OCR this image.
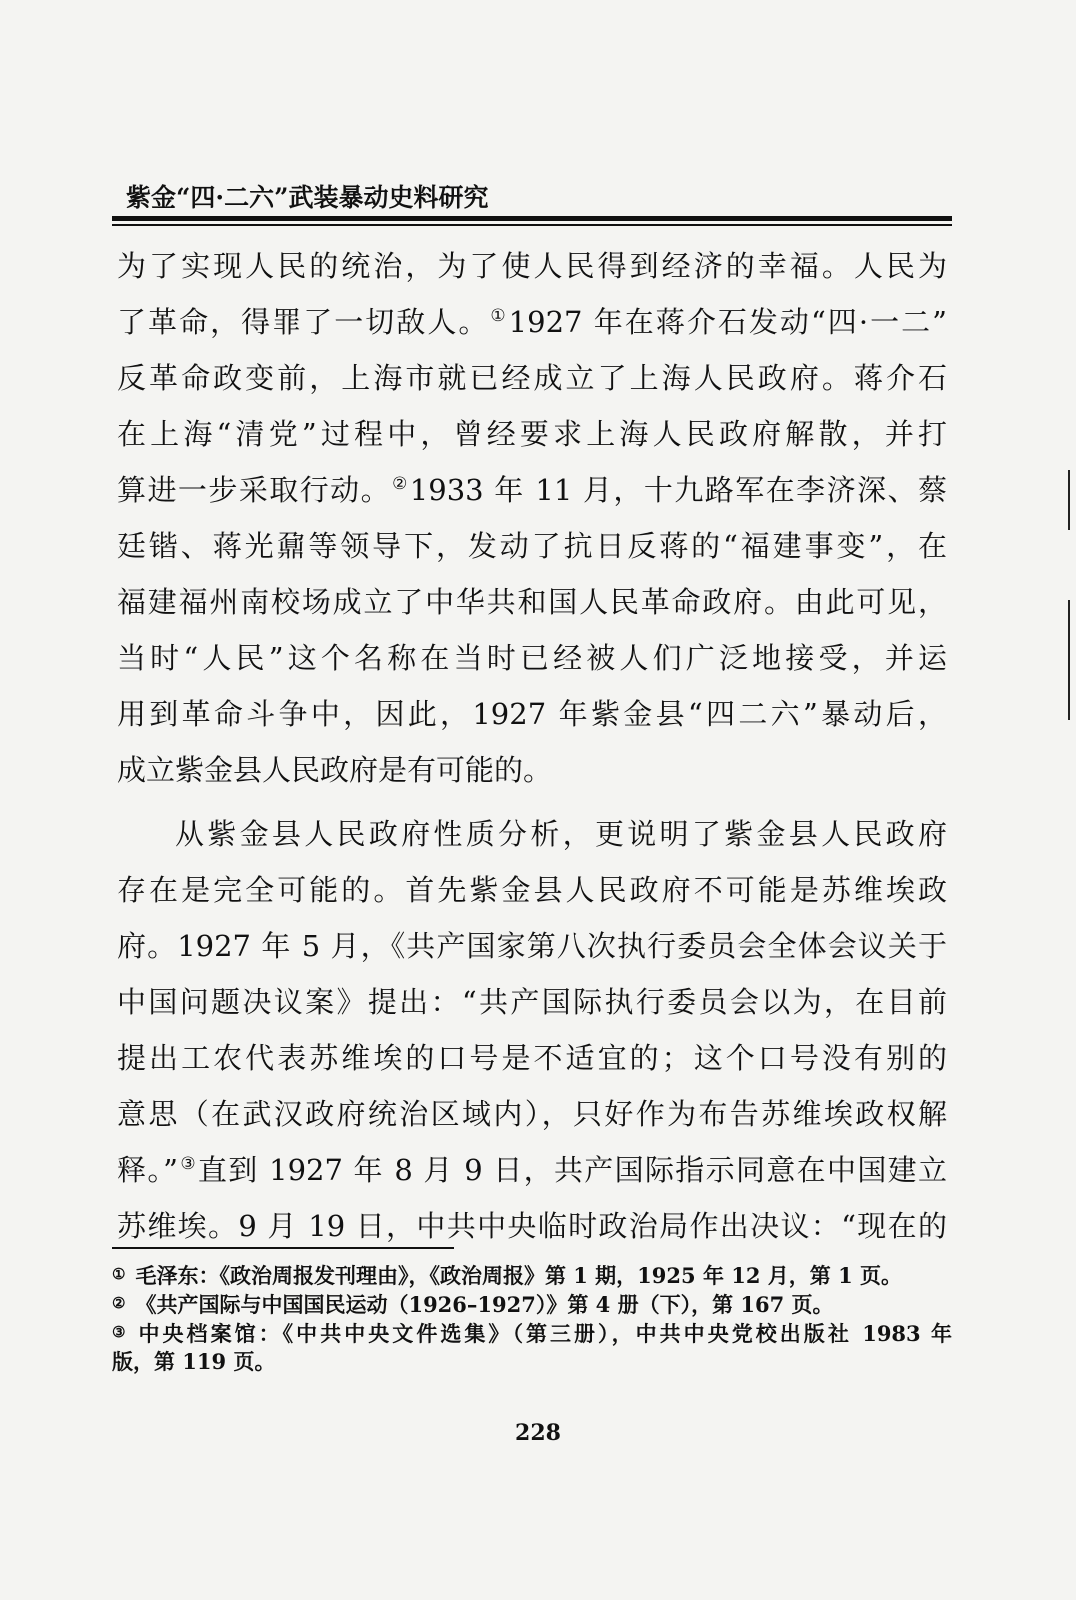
紫金“四·二六”武装暴动史料研究
为了实现人民的统治，为了使人民得到经济的幸福。人民为
了革命，得罪了一切敌人。①1927 年在蒋介石发动“四·一二”
反革命政变前，上海市就已经成立了上海人民政府。蒋介石
在上海“清党”过程中，曾经要求上海人民政府解散，并打
算进一步采取行动。②1933 年 11 月，十九路军在李济深、蔡
廷锴、蒋光鼐等领导下，发动了抗日反蒋的“福建事变”，在
福建福州南校场成立了中华共和国人民革命政府。由此可见，
当时“人民”这个名称在当时已经被人们广泛地接受，并运
用到革命斗争中，因此，1927 年紫金县“四二六”暴动后，
成立紫金县人民政府是有可能的。
从紫金县人民政府性质分析，更说明了紫金县人民政府
存在是完全可能的。首先紫金县人民政府不可能是苏维埃政
府。1927 年 5 月，《共产国家第八次执行委员会全体会议关于
中国问题决议案》提出：“共产国际执行委员会以为，在目前
提出工农代表苏维埃的口号是不适宜的；这个口号没有别的
意思（在武汉政府统治区域内），只好作为布告苏维埃政权解
释。”③直到 1927 年 8 月 9 日，共产国际指示同意在中国建立
苏维埃。9 月 19 日，中共中央临时政治局作出决议：“现在的
① 毛泽东：《政治周报发刊理由》，《政治周报》第 1 期，1925 年 12 月，第 1 页。
② 《共产国际与中国国民运动（1926–1927）》第 4 册（下），第 167 页。
③ 中央档案馆：《中共中央文件选集》（第三册），中共中央党校出版社 1983 年
版，第 119 页。
228
